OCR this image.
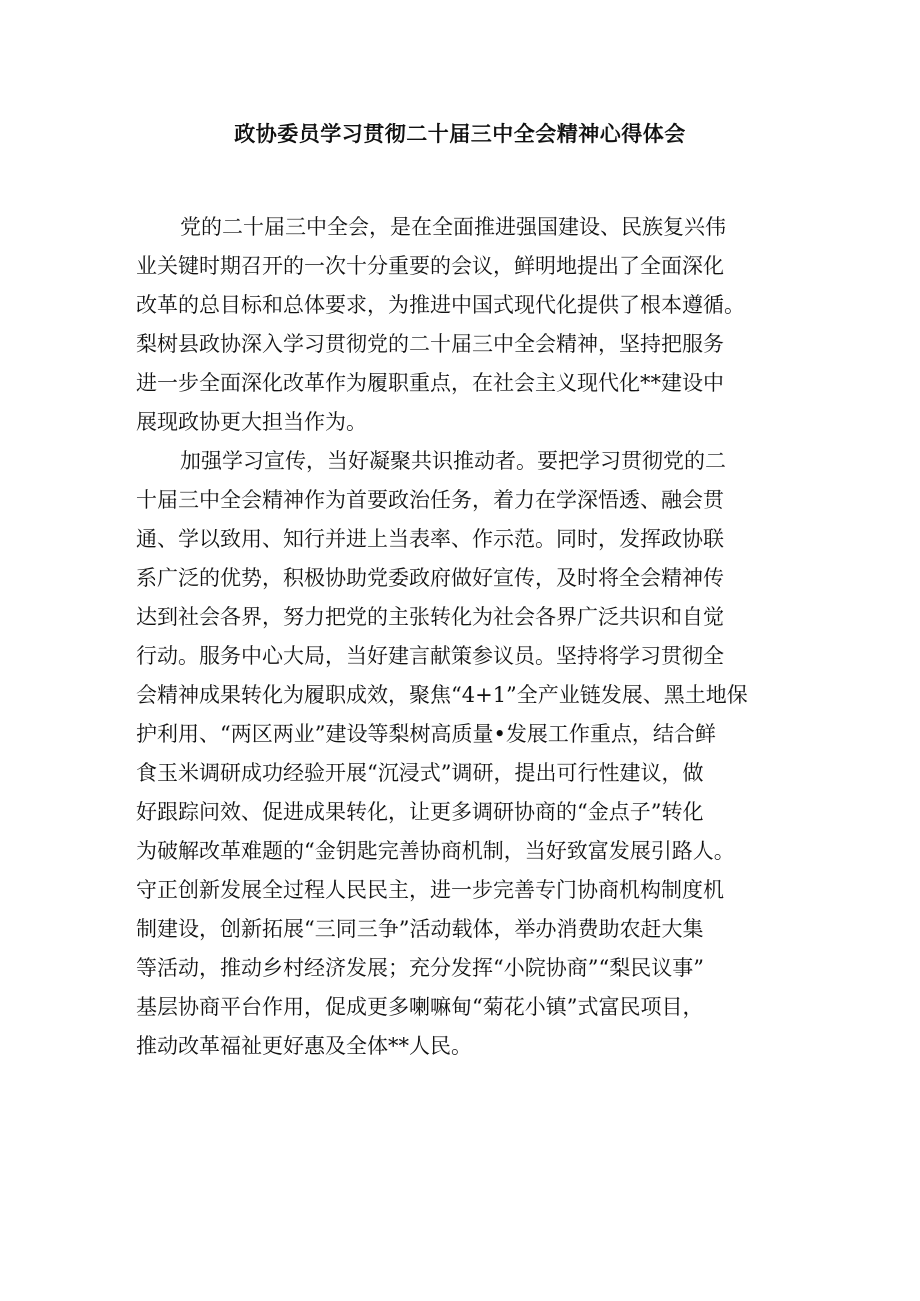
政协委员学习贯彻二十届三中全会精神心得体会
党的二十届三中全会，是在全面推进强国建设、民族复兴伟
业关键时期召开的一次十分重要的会议，鲜明地提出了全面深化
改革的总目标和总体要求，为推进中国式现代化提供了根本遵循。
梨树县政协深入学习贯彻党的二十届三中全会精神，坚持把服务
进一步全面深化改革作为履职重点，在社会主义现代化**建设中
展现政协更大担当作为。
加强学习宣传，当好凝聚共识推动者。要把学习贯彻党的二
十届三中全会精神作为首要政治任务，着力在学深悟透、融会贯
通、学以致用、知行并进上当表率、作示范。同时，发挥政协联
系广泛的优势，积极协助党委政府做好宣传，及时将全会精神传
达到社会各界，努力把党的主张转化为社会各界广泛共识和自觉
行动。服务中心大局，当好建言献策参议员。坚持将学习贯彻全
会精神成果转化为履职成效，聚焦“4+1”全产业链发展、黑土地保
护利用、“两区两业”建设等梨树高质量•发展工作重点，结合鲜
食玉米调研成功经验开展“沉浸式”调研，提出可行性建议，做
好跟踪问效、促进成果转化，让更多调研协商的“金点子”转化
为破解改革难题的“金钥匙完善协商机制，当好致富发展引路人。
守正创新发展全过程人民民主，进一步完善专门协商机构制度机
制建设，创新拓展“三同三争”活动载体，举办消费助农赶大集
等活动，推动乡村经济发展；充分发挥“小院协商”“梨民议事”
基层协商平台作用，促成更多喇嘛甸“菊花小镇”式富民项目，
推动改革福祉更好惠及全体**人民。
